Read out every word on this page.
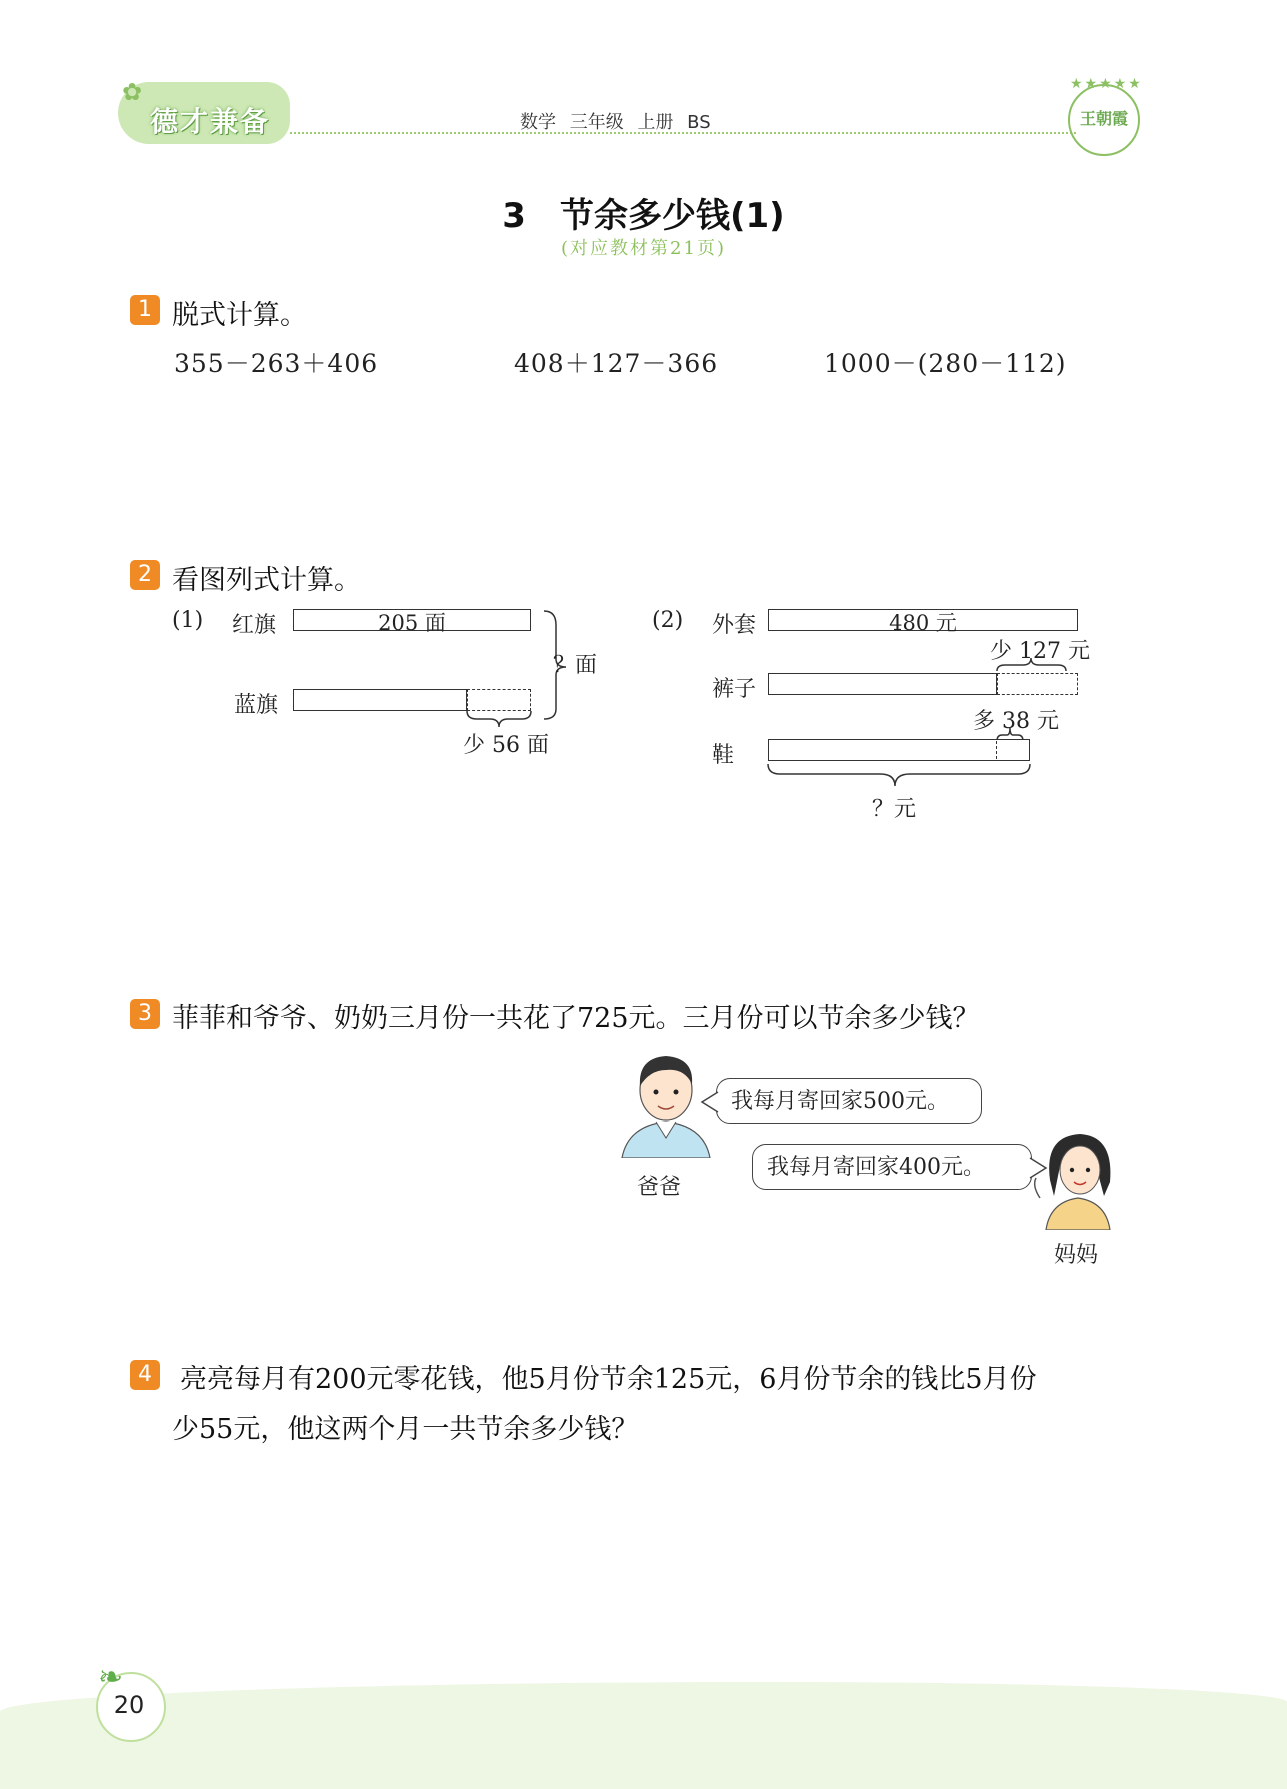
✿
德才兼备	数学 三年级 上册 BS
★★★★★
王朝霞
3　节余多少钱(1)
(对应教材第21页)
1 脱式计算。
355－263＋406	408＋127－366	1000－(280－112)
2 看图列式计算。
(1) 红旗	205 面
蓝旗
？面
少 56 面
(2) 外套	480 元
少 127 元
裤子
多 38 元
鞋
？元
3 菲菲和爷爷、奶奶三月份一共花了725元。三月份可以节余多少钱？
我每月寄回家500元。
爸爸
我每月寄回家400元。
妈妈
4 亮亮每月有200元零花钱，他5月份节余125元，6月份节余的钱比5月份
少55元，他这两个月一共节余多少钱？
❧
20
